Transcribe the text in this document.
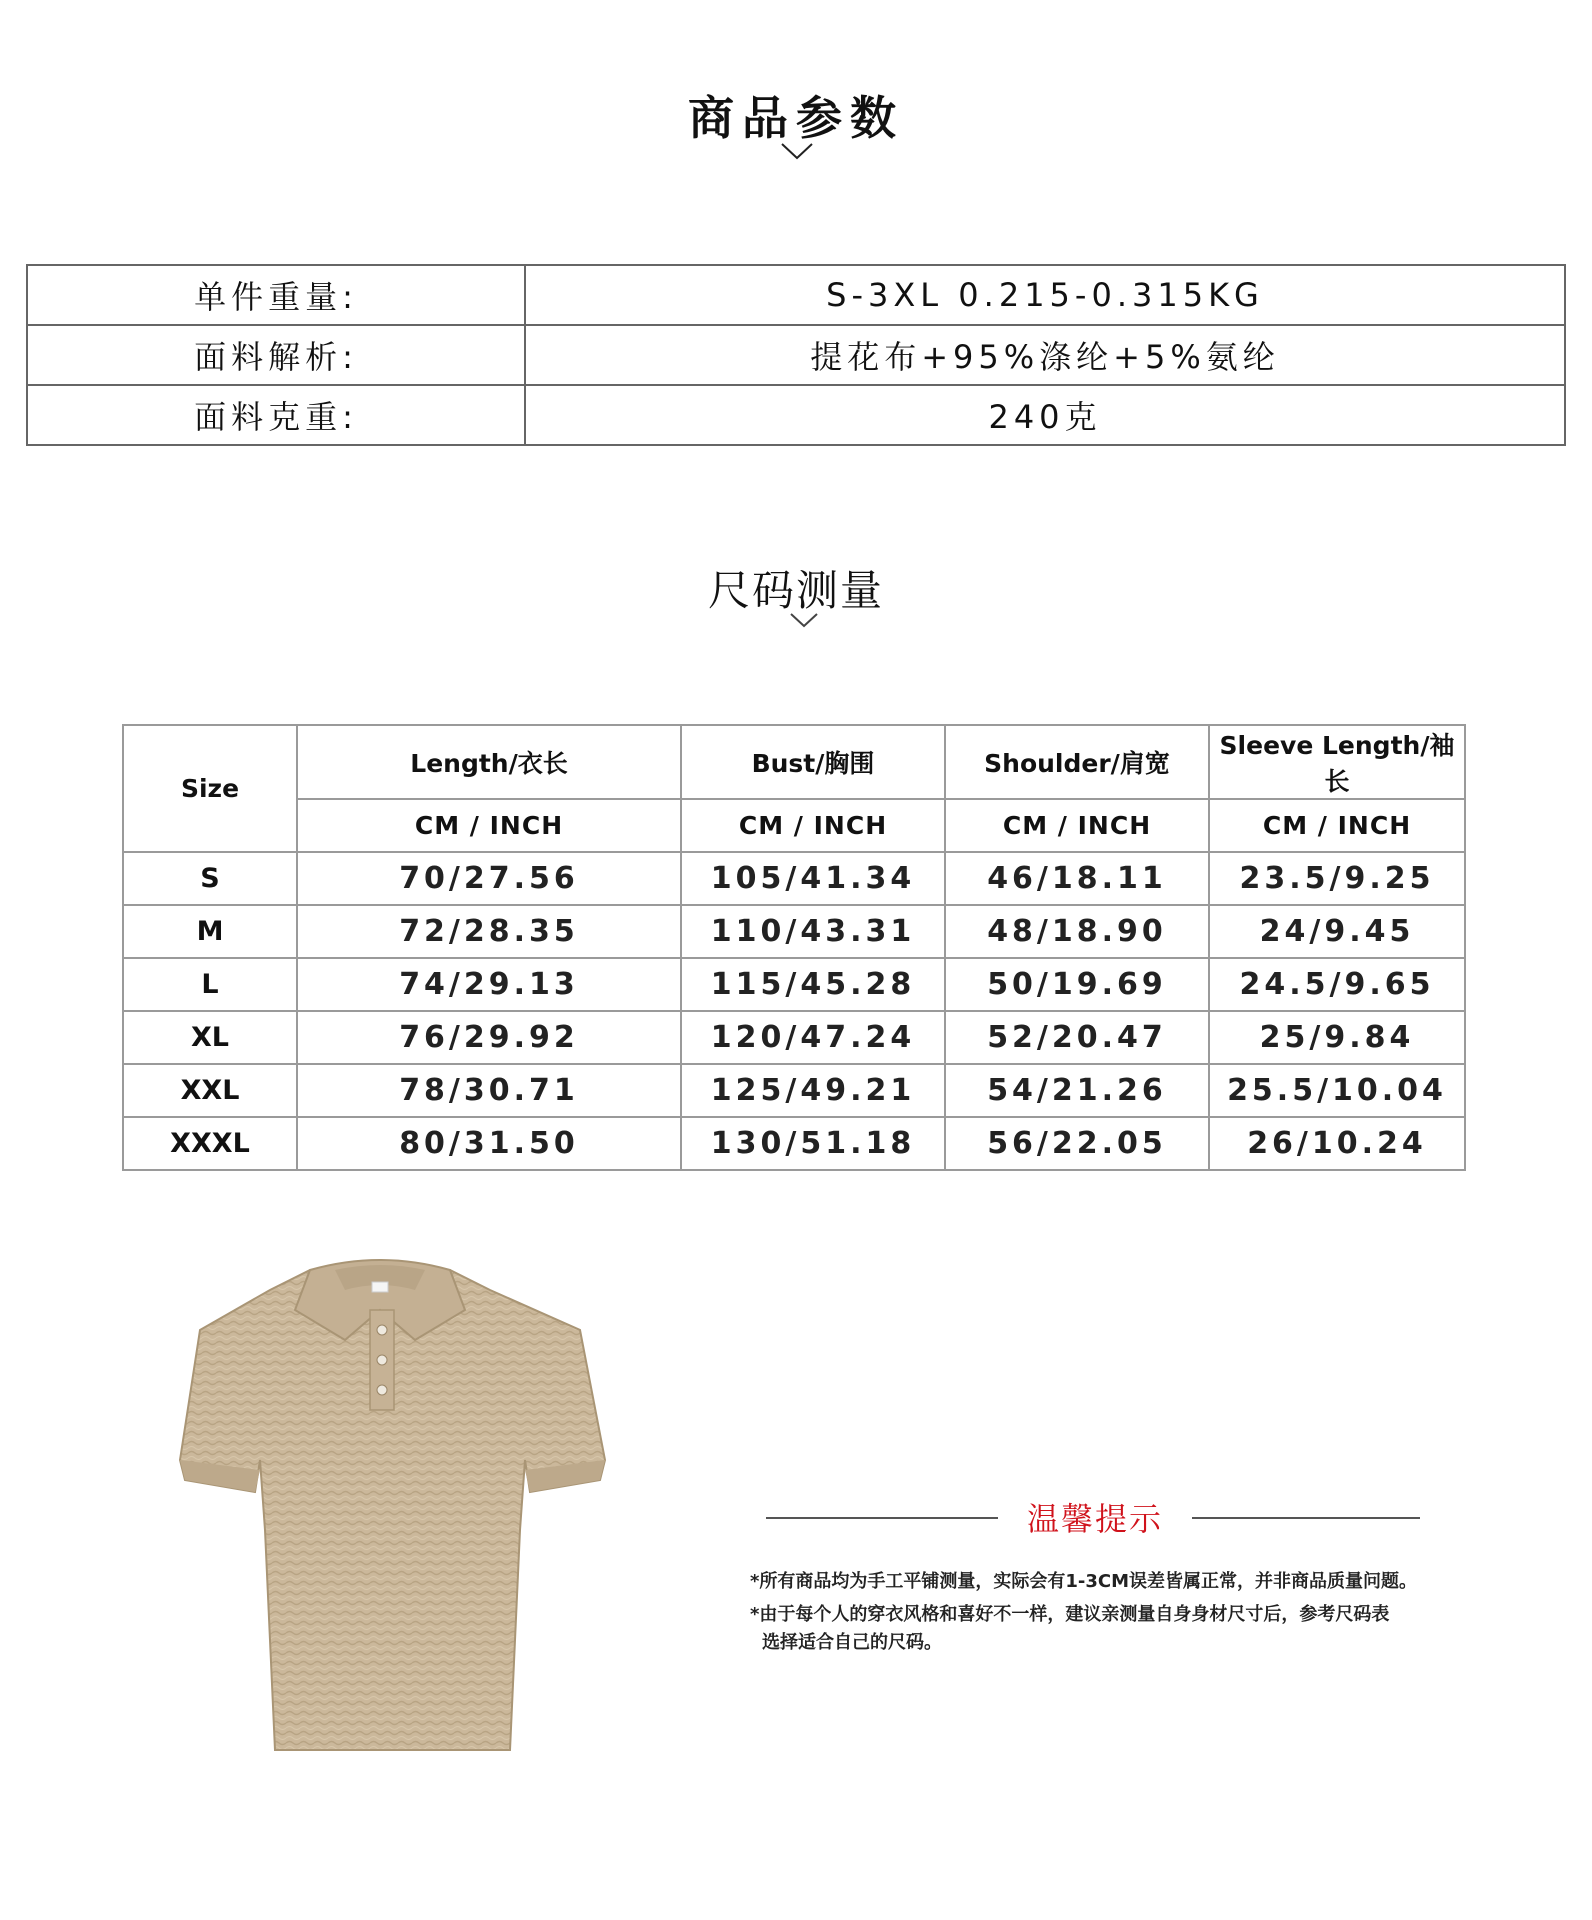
商品参数
单件重量:	S-3XL 0.215-0.315KG
面料解析:	提花布+95%涤纶+5%氨纶
面料克重:	240克
尺码测量
Size	Length/衣长	Bust/胸围	Shoulder/肩宽	Sleeve Length/袖长
	CM / INCH	CM / INCH	CM / INCH	CM / INCH
S	70/27.56	105/41.34	46/18.11	23.5/9.25
M	72/28.35	110/43.31	48/18.90	24/9.45
L	74/29.13	115/45.28	50/19.69	24.5/9.65
XL	76/29.92	120/47.24	52/20.47	25/9.84
XXL	78/30.71	125/49.21	54/21.26	25.5/10.04
XXXL	80/31.50	130/51.18	56/22.05	26/10.24
温馨提示
*所有商品均为手工平铺测量，实际会有1-3CM误差皆属正常，并非商品质量问题。
*由于每个人的穿衣风格和喜好不一样，建议亲测量自身身材尺寸后，参考尺码表
选择适合自己的尺码。
